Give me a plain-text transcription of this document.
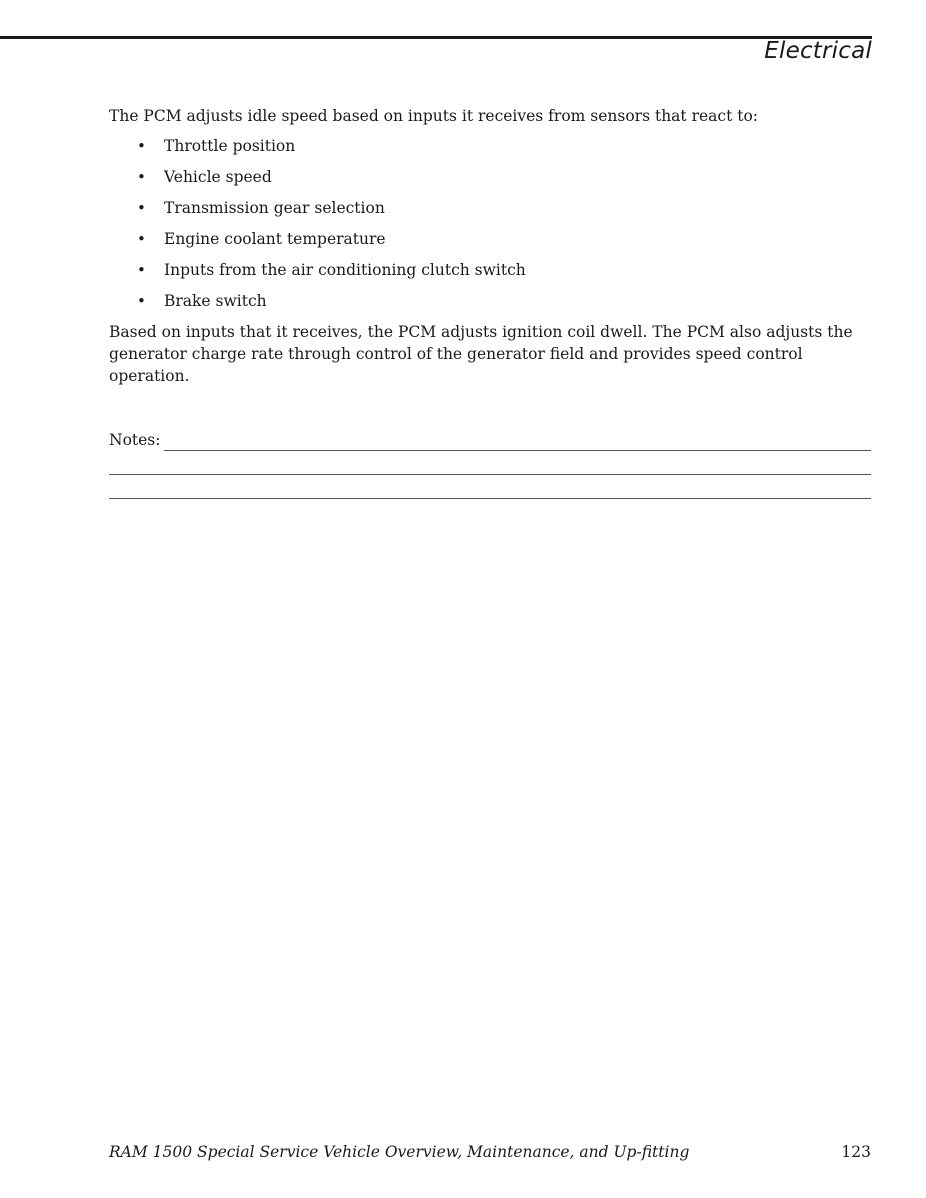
Electrical

The PCM adjusts idle speed based on inputs it receives from sensors that react to:

• Throttle position
• Vehicle speed
• Transmission gear selection
• Engine coolant temperature
• Inputs from the air conditioning clutch switch
• Brake switch

Based on inputs that it receives, the PCM adjusts ignition coil dwell. The PCM also adjusts the generator charge rate through control of the generator field and provides speed control operation.

Notes:
RAM 1500 Special Service Vehicle Overview, Maintenance, and Up-fitting	123
